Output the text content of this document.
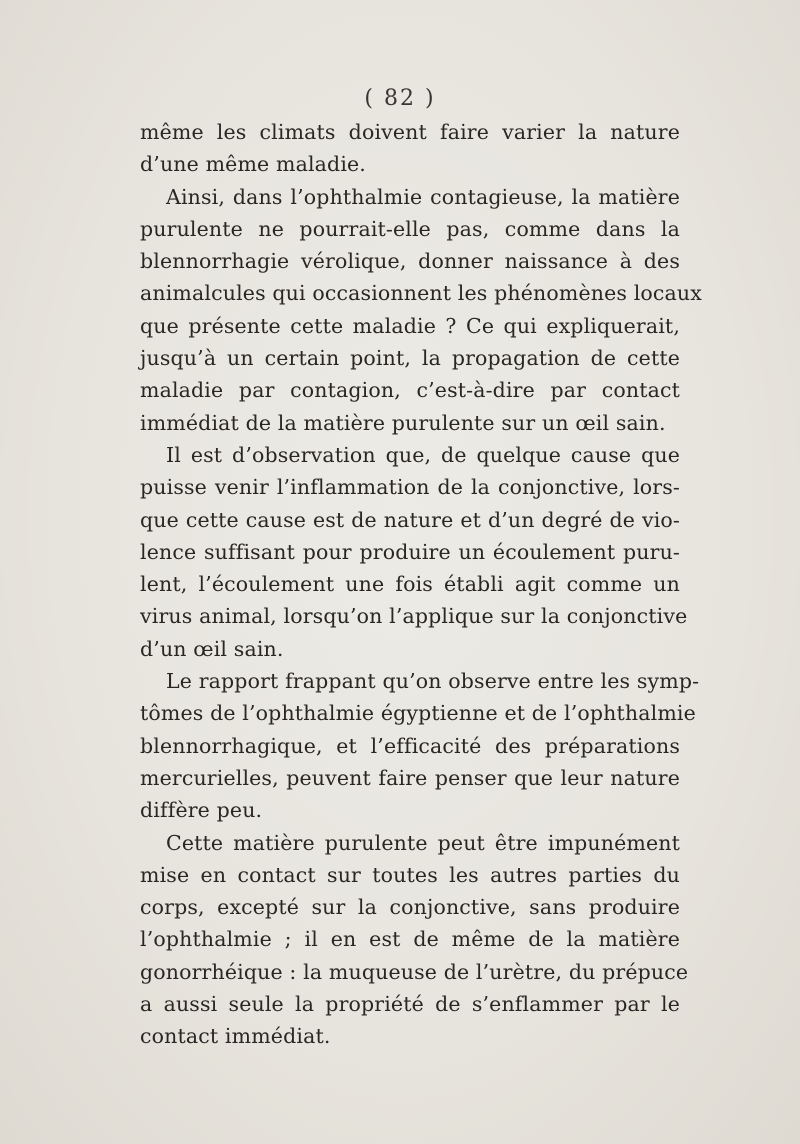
( 82 )
même les climats doivent faire varier la nature
d’une même maladie.
Ainsi, dans l’ophthalmie contagieuse, la matière
purulente ne pourrait-elle pas, comme dans la
blennorrhagie vérolique, donner naissance à des
animalcules qui occasionnent les phénomènes locaux
que présente cette maladie ? Ce qui expliquerait,
jusqu’à un certain point, la propagation de cette
maladie par contagion, c’est-à-dire par contact
immédiat de la matière purulente sur un œil sain.
Il est d’observation que, de quelque cause que
puisse venir l’inflammation de la conjonctive, lors-
que cette cause est de nature et d’un degré de vio-
lence suffisant pour produire un écoulement puru-
lent, l’écoulement une fois établi agit comme un
virus animal, lorsqu’on l’applique sur la conjonctive
d’un œil sain.
Le rapport frappant qu’on observe entre les symp-
tômes de l’ophthalmie égyptienne et de l’ophthalmie
blennorrhagique, et l’efficacité des préparations
mercurielles, peuvent faire penser que leur nature
diffère peu.
Cette matière purulente peut être impunément
mise en contact sur toutes les autres parties du
corps, excepté sur la conjonctive, sans produire
l’ophthalmie ; il en est de même de la matière
gonorrhéique : la muqueuse de l’urètre, du prépuce
a aussi seule la propriété de s’enflammer par le
contact immédiat.
